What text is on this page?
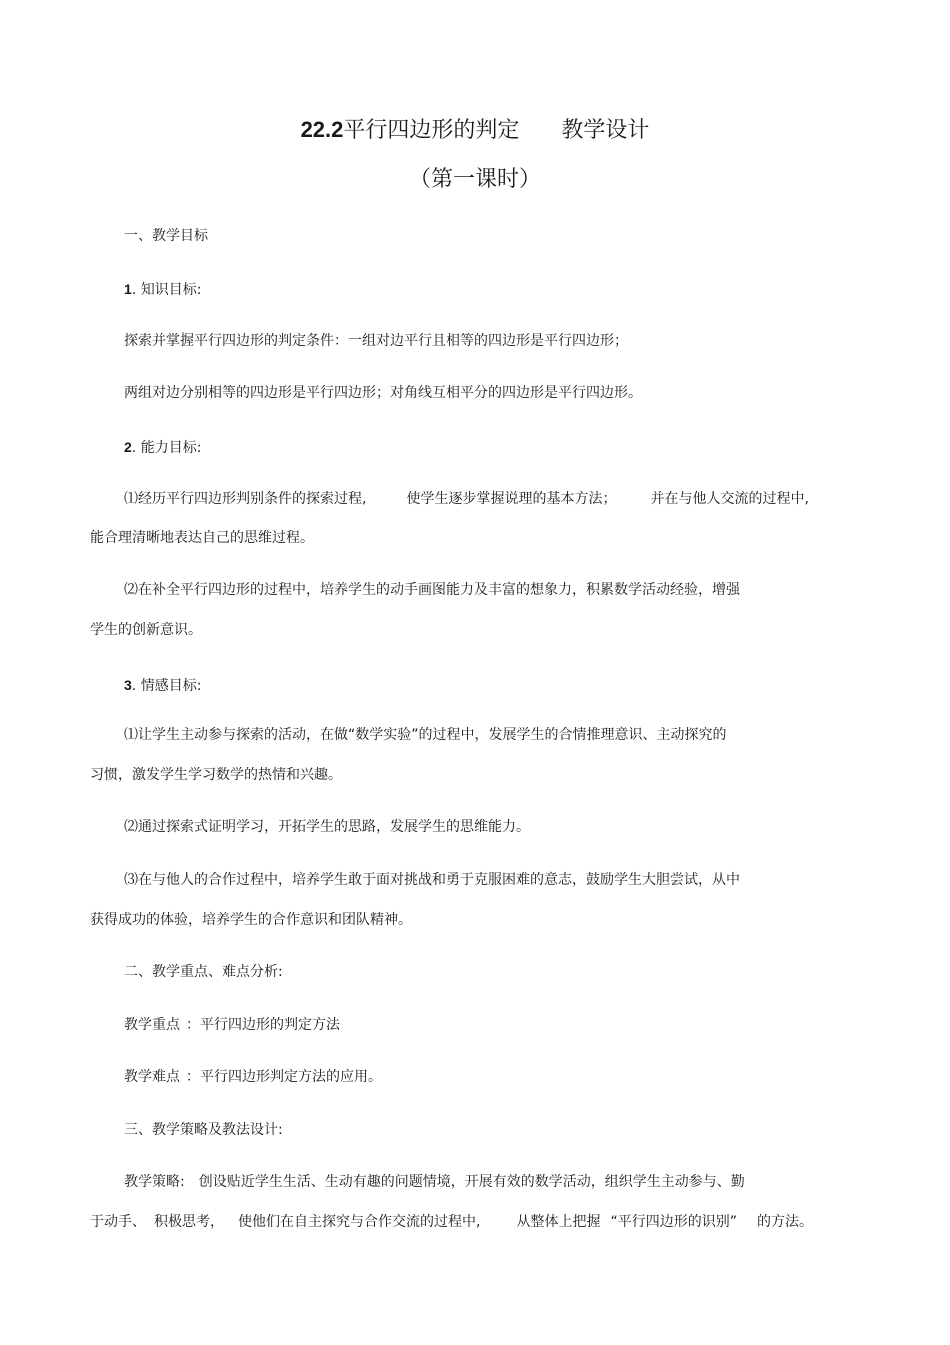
22.2平行四边形的判定 教学设计
（第一课时）
一、教学目标
1. 知识目标:
探索并掌握平行四边形的判定条件：一组对边平行且相等的四边形是平行四边形；
两组对边分别相等的四边形是平行四边形；对角线互相平分的四边形是平行四边形。
2. 能力目标:
⑴经历平行四边形判别条件的探索过程,	使学生逐步掌握说理的基本方法； 并在与他人交流的过程中,
能合理清晰地表达自己的思维过程。
⑵在补全平行四边形的过程中，培养学生的动手画图能力及丰富的想象力，积累数学活动经验，增强
学生的创新意识。
3. 情感目标:
⑴让学生主动参与探索的活动，在做“数学实验”的过程中，发展学生的合情推理意识、主动探究的
习惯，激发学生学习数学的热情和兴趣。
⑵通过探索式证明学习，开拓学生的思路，发展学生的思维能力。
⑶在与他人的合作过程中，培养学生敢于面对挑战和勇于克服困难的意志，鼓励学生大胆尝试，从中
获得成功的体验，培养学生的合作意识和团队精神。
二、教学重点、难点分析:
教学重点 ：平行四边形的判定方法
教学难点 ：平行四边形判定方法的应用。
三、教学策略及教法设计:
教学策略: 创设贴近学生生活、生动有趣的问题情境，开展有效的数学活动，组织学生主动参与、勤
于动手、 积极思考， 使他们在自主探究与合作交流的过程中,	从整体上把握 “平行四边形的识别” 的方法。
